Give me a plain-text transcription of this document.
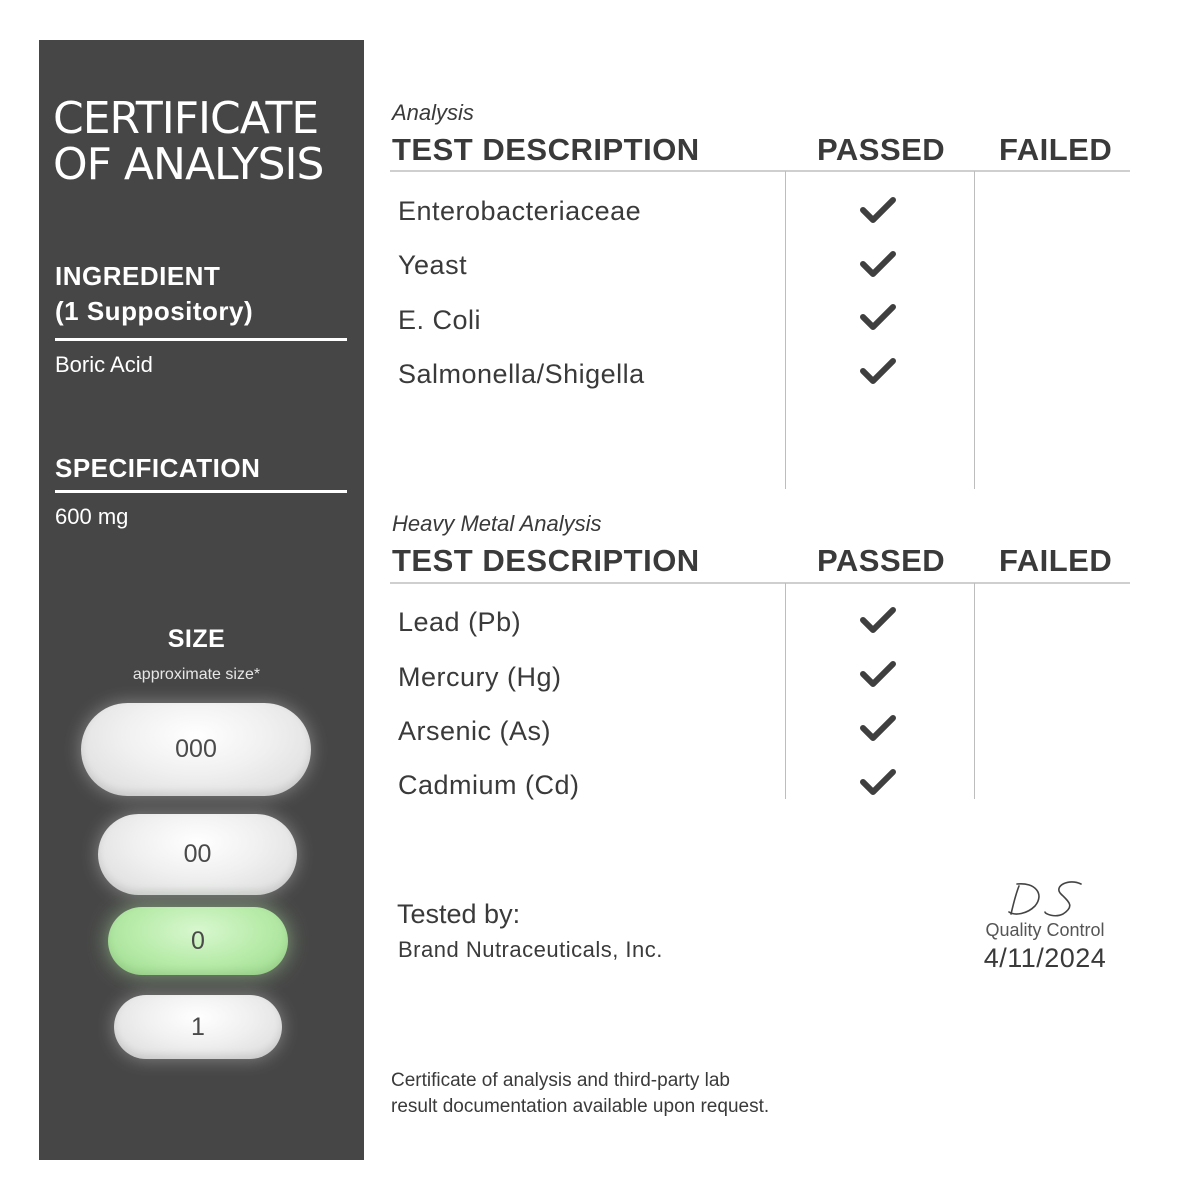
CERTIFICATE
OF ANALYSIS
INGREDIENT
(1 Suppository)
Boric Acid
SPECIFICATION
600 mg
SIZE
approximate size*
000
00
0
1
Analysis
TEST DESCRIPTION	PASSED FAILED
Enterobacteriaceae
Yeast
E. Coli
Salmonella/Shigella
Heavy Metal Analysis
TEST DESCRIPTION	PASSED FAILED
Lead (Pb)
Mercury (Hg)
Arsenic (As)
Cadmium (Cd)
Tested by:
Brand Nutraceuticals, Inc.
Quality Control
4/11/2024
Certificate of analysis and third-party lab
result documentation available upon request.
